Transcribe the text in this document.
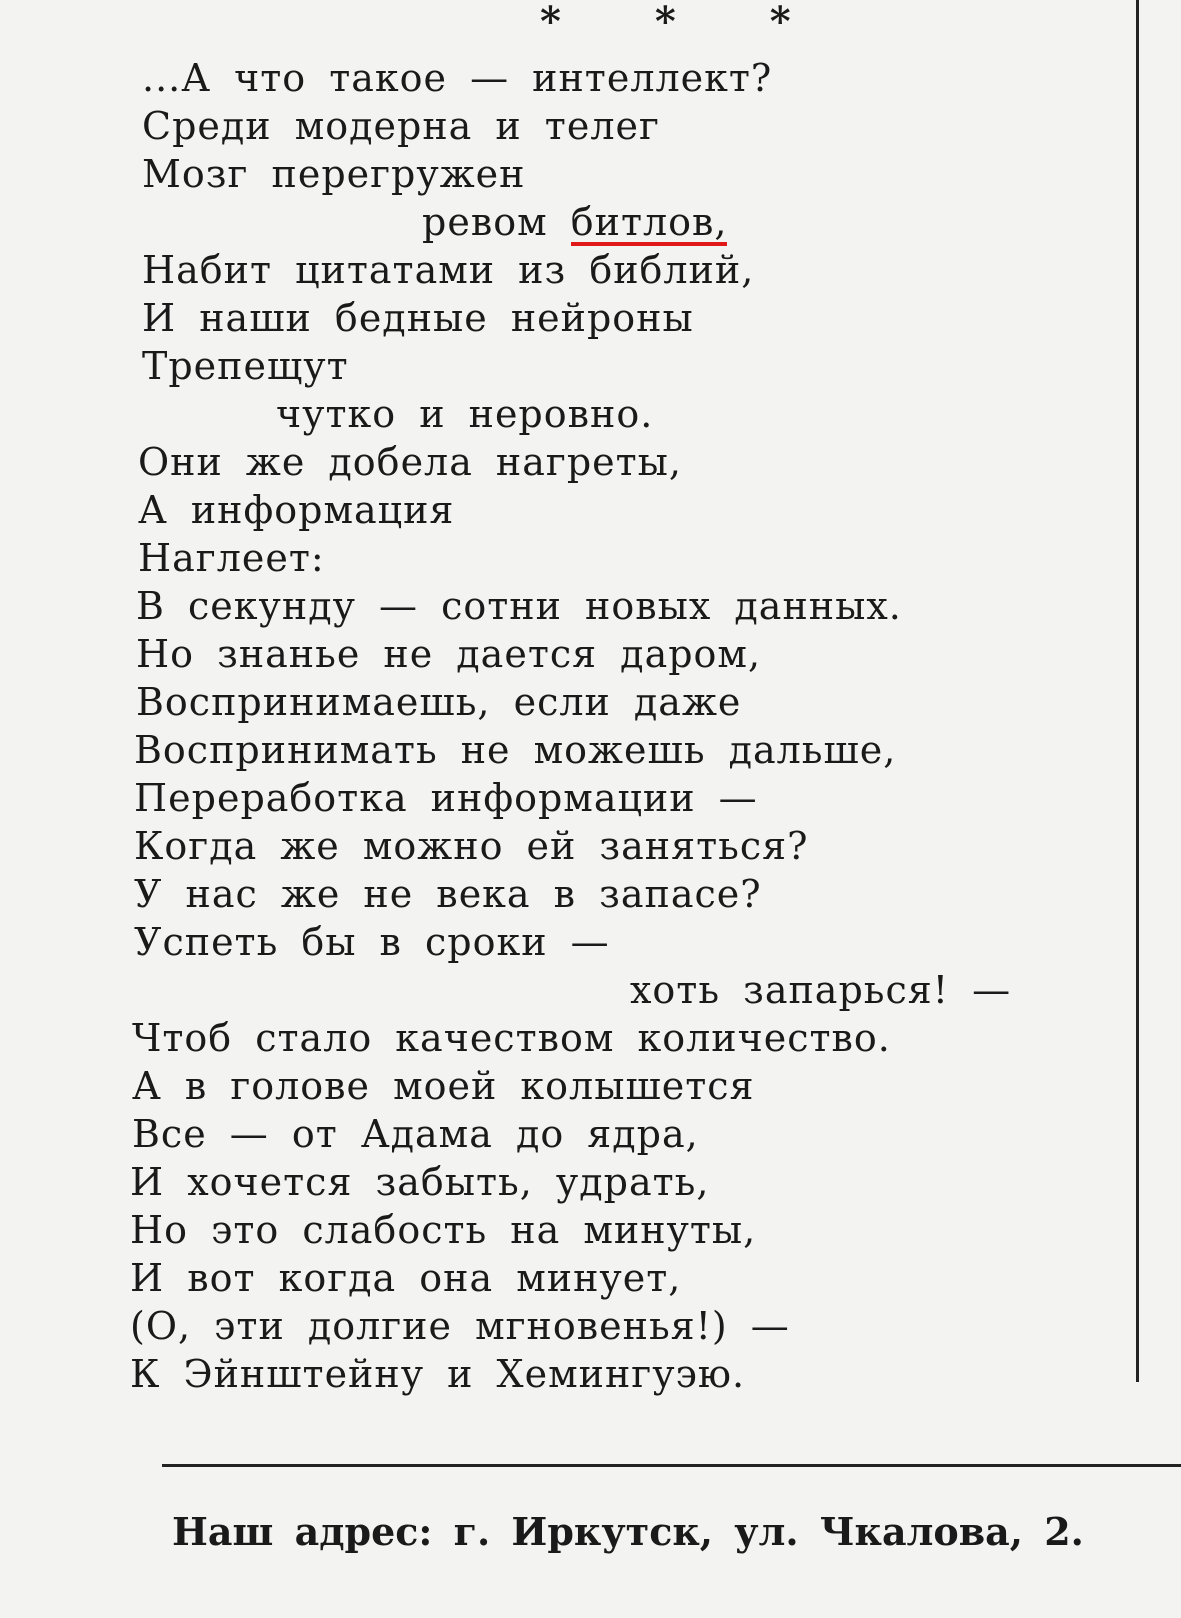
* * *
...А что такое — интеллект?
Среди модерна и телег
Мозг перегружен
ревом битлов,
Набит цитатами из библий,
И наши бедные нейроны
Трепещут
чутко и неровно.
Они же добела нагреты,
А информация
Наглеет:
В секунду — сотни новых данных.
Но знанье не дается даром,
Воспринимаешь, если даже
Воспринимать не можешь дальше,
Переработка информации —
Когда же можно ей заняться?
У нас же не века в запасе?
Успеть бы в сроки —
хоть запарься! —
Чтоб стало качеством количество.
А в голове моей колышется
Все — от Адама до ядра,
И хочется забыть, удрать,
Но это слабость на минуты,
И вот когда она минует,
(О, эти долгие мгновенья!) —
К Эйнштейну и Хемингуэю.
Наш адрес: г. Иркутск, ул. Чкалова, 2.
